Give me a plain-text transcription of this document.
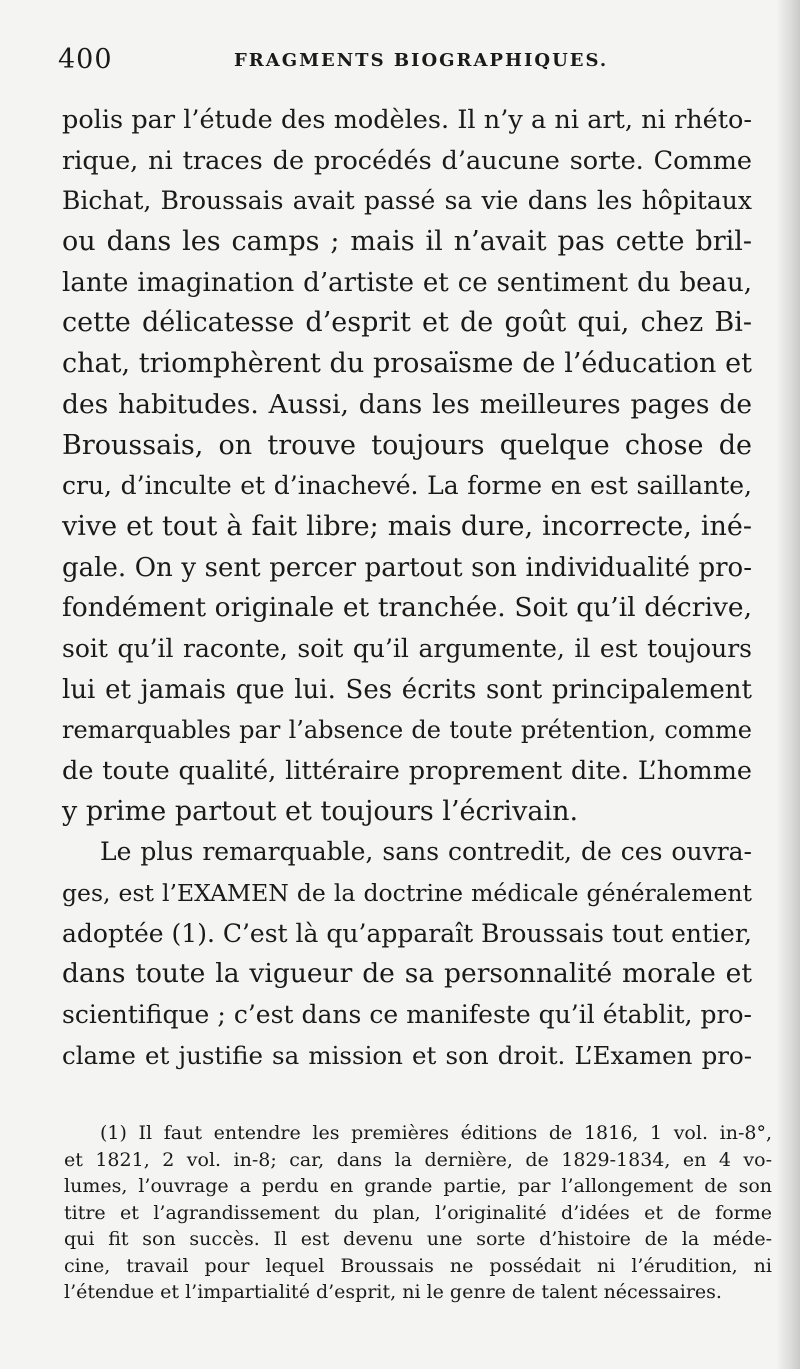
400	FRAGMENTS BIOGRAPHIQUES.
polis par l’étude des modèles. Il n’y a ni art, ni rhéto-
rique, ni traces de procédés d’aucune sorte. Comme
Bichat, Broussais avait passé sa vie dans les hôpitaux
ou dans les camps ; mais il n’avait pas cette bril-
lante imagination d’artiste et ce sentiment du beau,
cette délicatesse d’esprit et de goût qui, chez Bi-
chat, triomphèrent du prosaïsme de l’éducation et
des habitudes. Aussi, dans les meilleures pages de
Broussais, on trouve toujours quelque chose de
cru, d’inculte et d’inachevé. La forme en est saillante,
vive et tout à fait libre; mais dure, incorrecte, iné-
gale. On y sent percer partout son individualité pro-
fondément originale et tranchée. Soit qu’il décrive,
soit qu’il raconte, soit qu’il argumente, il est toujours
lui et jamais que lui. Ses écrits sont principalement
remarquables par l’absence de toute prétention, comme
de toute qualité, littéraire proprement dite. L’homme
y prime partout et toujours l’écrivain.
Le plus remarquable, sans contredit, de ces ouvra-
ges, est l’EXAMEN de la doctrine médicale généralement
adoptée (1). C’est là qu’apparaît Broussais tout entier,
dans toute la vigueur de sa personnalité morale et
scientifique ; c’est dans ce manifeste qu’il établit, pro-
clame et justifie sa mission et son droit. L’Examen pro-
(1) Il faut entendre les premières éditions de 1816, 1 vol. in-8°,
et 1821, 2 vol. in-8; car, dans la dernière, de 1829-1834, en 4 vo-
lumes, l’ouvrage a perdu en grande partie, par l’allongement de son
titre et l’agrandissement du plan, l’originalité d’idées et de forme
qui fit son succès. Il est devenu une sorte d’histoire de la méde-
cine, travail pour lequel Broussais ne possédait ni l’érudition, ni
l’étendue et l’impartialité d’esprit, ni le genre de talent nécessaires.
